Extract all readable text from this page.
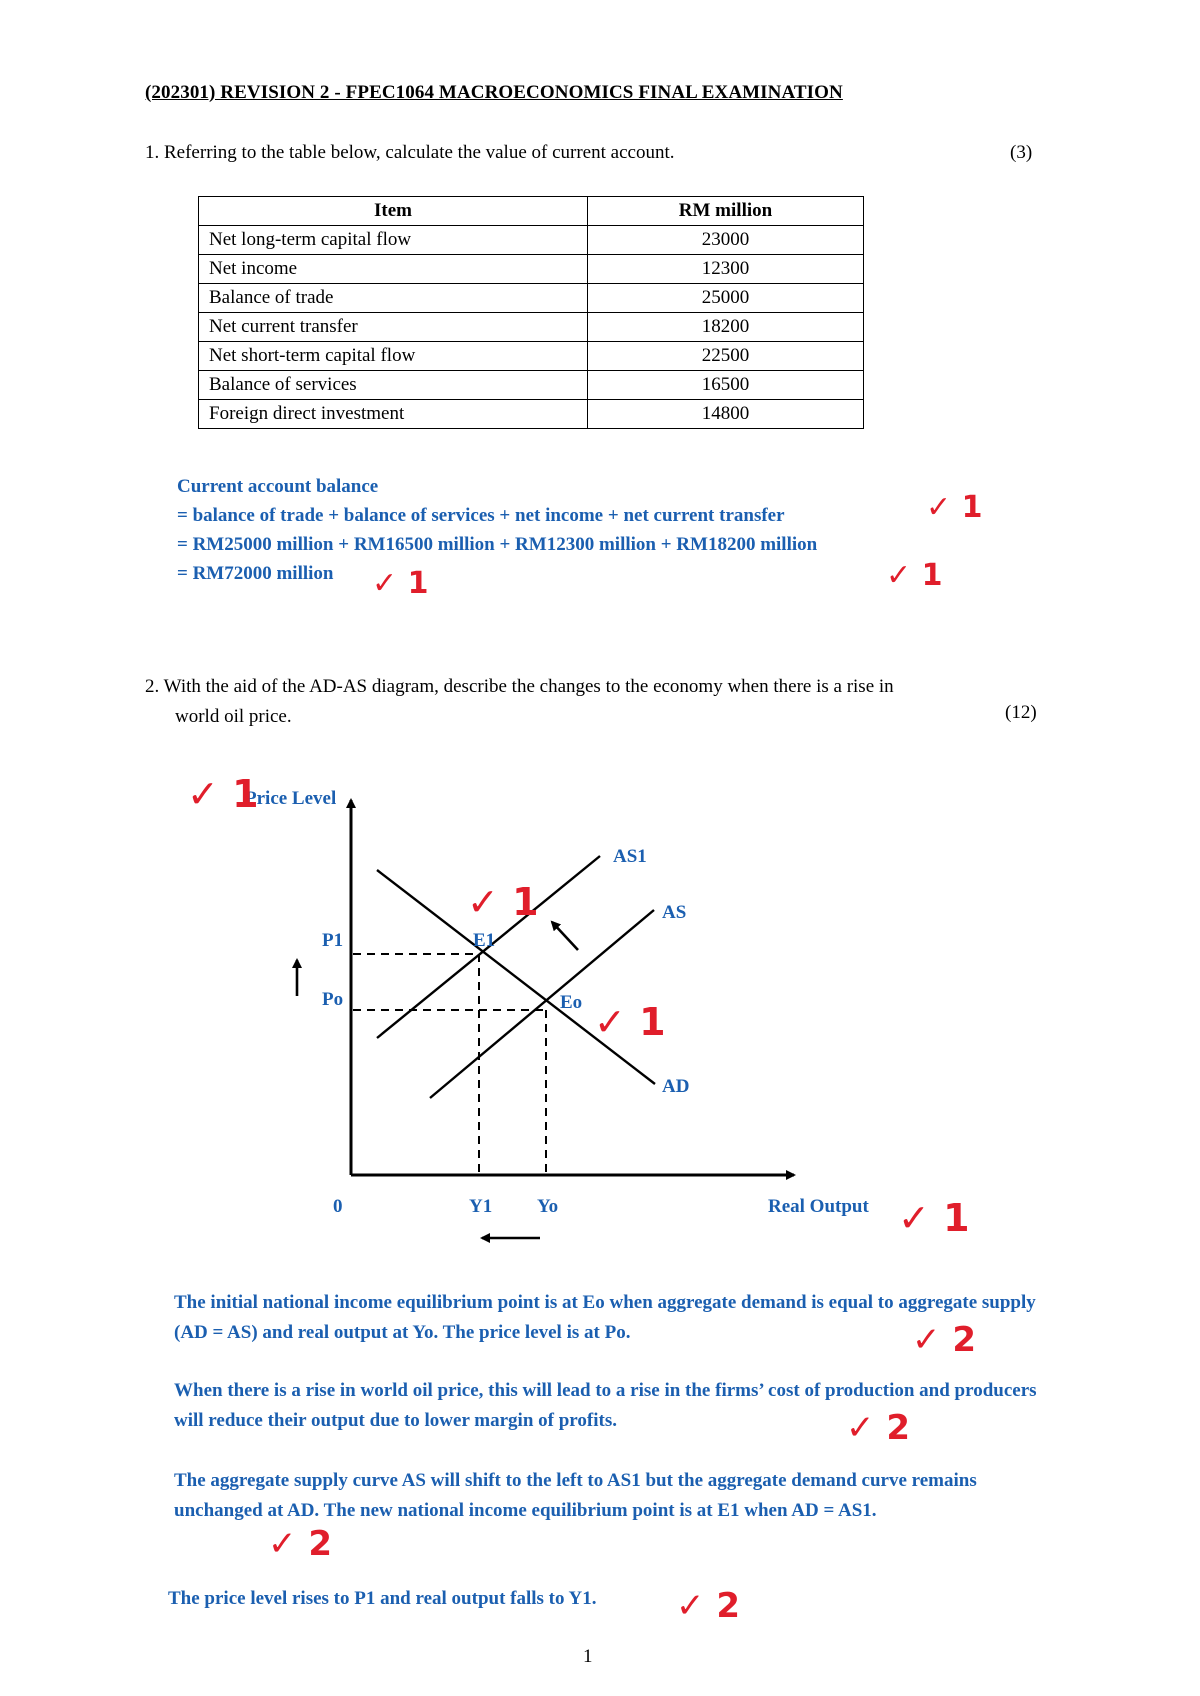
(202301) REVISION 2 - FPEC1064 MACROECONOMICS FINAL EXAMINATION
1. Referring to the table below, calculate the value of current account.	(3)
Item	RM million
Net long-term capital flow	23000
Net income	12300
Balance of trade	25000
Net current transfer	18200
Net short-term capital flow	22500
Balance of services	16500
Foreign direct investment	14800
Current account balance
= balance of trade + balance of services + net income + net current transfer
= RM25000 million + RM16500 million + RM12300 million + RM18200 million
= RM72000 million
✓ 1
✓ 1	✓ 1
2. With the aid of the AD-AS diagram, describe the changes to the economy when there is a rise in
world oil price.	(12)
Price Level
Real Output
0
AS1
AS
AD
E1
Eo
P1
Po
Y1 Yo
✓ 1
✓ 1
✓ 1
✓ 1
The initial national income equilibrium point is at Eo when aggregate demand is equal to aggregate supply (AD = AS) and real output at Yo. The price level is at Po.	✓ 2
When there is a rise in world oil price, this will lead to a rise in the firms’ cost of production and producers will reduce their output due to lower margin of profits.	✓ 2
The aggregate supply curve AS will shift to the left to AS1 but the aggregate demand curve remains unchanged at AD. The new national income equilibrium point is at E1 when AD = AS1.
✓ 2
The price level rises to P1 and real output falls to Y1.	✓ 2
1
